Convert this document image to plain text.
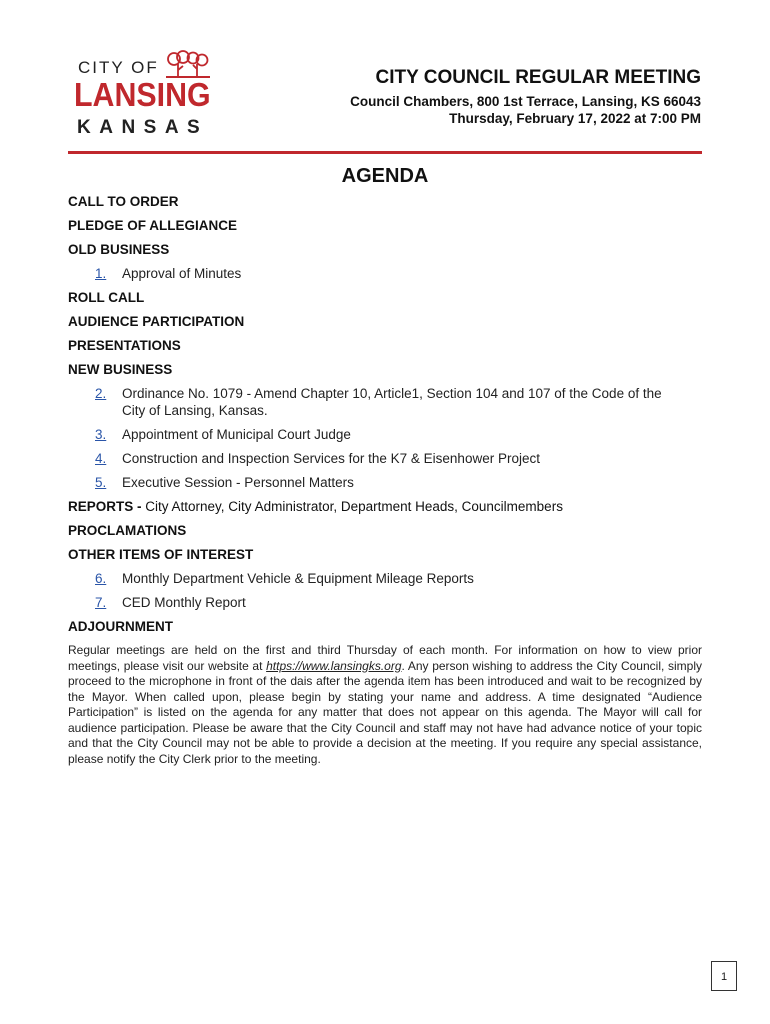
CITY OF
LANSING
KANSAS
CITY COUNCIL REGULAR MEETING
Council Chambers, 800 1st Terrace, Lansing, KS 66043
Thursday, February 17, 2022 at 7:00 PM
AGENDA
CALL TO ORDER
PLEDGE OF ALLEGIANCE
OLD BUSINESS
1.	Approval of Minutes
ROLL CALL
AUDIENCE PARTICIPATION
PRESENTATIONS
NEW BUSINESS
2.	Ordinance No. 1079 - Amend Chapter 10, Article1, Section 104 and 107 of the Code of the City of Lansing, Kansas.
3.	Appointment of Municipal Court Judge
4.	Construction and Inspection Services for the K7 & Eisenhower Project
5.	Executive Session - Personnel Matters
REPORTS - City Attorney, City Administrator, Department Heads, Councilmembers
PROCLAMATIONS
OTHER ITEMS OF INTEREST
6.	Monthly Department Vehicle & Equipment Mileage Reports
7.	CED Monthly Report
ADJOURNMENT
Regular meetings are held on the first and third Thursday of each month. For information on how to view prior meetings, please visit our website at https://www.lansingks.org. Any person wishing to address the City Council, simply proceed to the microphone in front of the dais after the agenda item has been introduced and wait to be recognized by the Mayor. When called upon, please begin by stating your name and address. A time designated “Audience Participation” is listed on the agenda for any matter that does not appear on this agenda. The Mayor will call for audience participation. Please be aware that the City Council and staff may not have had advance notice of your topic and that the City Council may not be able to provide a decision at the meeting. If you require any special assistance, please notify the City Clerk prior to the meeting.
1
